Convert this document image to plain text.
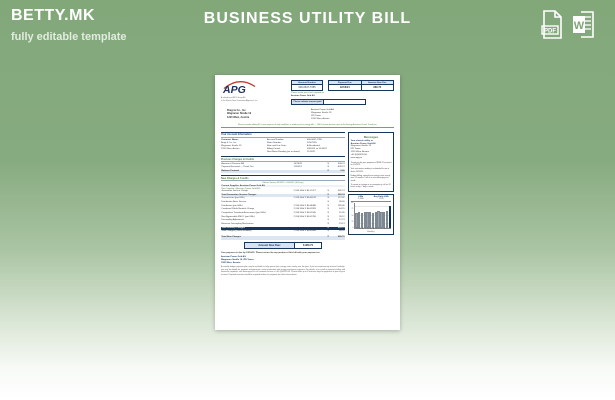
BETTY.MK
fully editable template
BUSINESS UTILITY BILL
PDF W
APG
A subsidiary of APG Group AG
In the Electric New Generation Alignment, Inc.
Account Number
600-0647-7355
Payment Due
12/16/21
Amount Now Due
989.70
Please make your check payable to:
Austrian Power Grid AG
Please indicate amount paid
Bragi & Co., Inc.
Wagramer Straße 19
1220 Wien, Austria
Austrian Power Grid AG
Wagramer Straße 19
IZD Tower
1220 Wien, Austria
Please consider adding $1 to your payment to help neighbors in need pay their energy bills — 100% of your donation goes to the Energy Assistance Fund. Thank you.
Your Account Information
Customer Name:
Bragi & Co., Inc.
Wagramer Straße 19
1220 Wien, Austria
Account Number:	600-0647-7355
Meter Number:	57007455
Rate and Due Date:	A Residential
Billing Period:	09/16/21 to 10/16/21
Next Meter Reading (on or about):	11/16/21
Previous Charges & Credits
Amount of Previous Bill	10/16/21	$	938.74
Payment Received — Thank You	11/05/21	$	-938.74
Balance Forward	$	0.00
New Charges & Credits
Electric Service 09/16/21 - 10/16/21 (30 Days)
Current Supplier: Austrian Power Grid AG
New Supplier: (Austrian Power Grid AG)
Generation Service Charge	2,190 kWh X $0.17477	$	382.74
Total Generation Service Charges	$	382.74
Transmission (per kWh)	2,190 kWh X $0.05128	$	112.32
Distribution Basic Service	$	38.00
Distribution (per kWh)	2,190 kWh X $0.08488	$	185.90
Combined Public Benefits Charge	2,190 kWh X $0.02929	$	64.15
Competitive Transition Assessment (per kWh)	2,190 kWh X $0.02345	$	51.35
Non-Bypassable FMCC (per kWh)	2,190 kWh X $0.01786	$	39.12
Decoupling Adjustment	$	12.73
Revenue Decoupling Mechanism	$	19.13
Total Delivery Charges	$	522.70
Total Charges (Taxes included)	2,190 kWh X $0.03848	$	84.26
Total New Charges	$	989.70
Amount Now Due:	$ 989.70
Your payment is due by 12/16/21. Please return the top portion of this bill with your payment to:
Austrian Power Grid AG
Wagramer Straße 19, IZD Tower
1220 Wien, Austria
A monthly budget payment plan may be available to help spread your energy costs evenly over the year. If you are experiencing financial hardship, you may be eligible for payment arrangements, winter protections and energy assistance programs. For details, or to enroll in paperless billing and automatic payments, visit www.apg.at or call customer service at +43 (0)50320-56. Please allow up to 3 business days for payments to post to your account. Disputed amounts should be reported before the payment due date shown above.
Messages
Your electric utility is:
Austrian Power Grid AG
Wagramer Straße 19
IZD Tower
1220 Wien, Austria
+43 (0)50320-56
www.apg.at
Thank you for your payment of $938.74 received on 11/05/21.
Your next meter reading is scheduled for on or about 11/16/21.
Budget billing: spread your energy costs evenly over 12 months. Call us or visit www.apg.at to enroll.
To report an outage or an emergency, call us 24 hours a day, 7 days a week.
kWh
2,190
Avg Daily kWh
73.0
100
75
50
25
0
O	N	D	J	F	M	A	M	J	J	A	S	O
Month(s)
